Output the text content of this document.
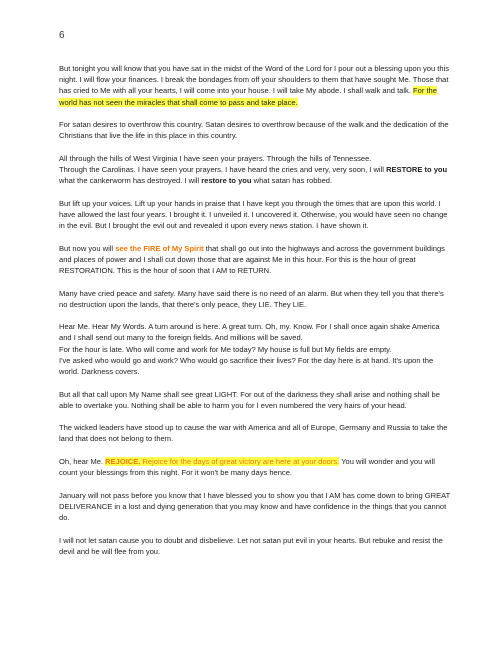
6

But tonight you will know that you have sat in the midst of the Word of the Lord for I pour out a blessing upon you this night. I will flow your finances. I break the bondages from off your shoulders to them that have sought Me. Those that has cried to Me with all your hearts, I will come into your house. I will take My abode. I shall walk and talk. For the world has not seen the miracles that shall come to pass and take place.

For satan desires to overthrow this country. Satan desires to overthrow because of the walk and the dedication of the Christians that live the life in this place in this country.

All through the hills of West Virginia I have seen your prayers. Through the hills of Tennessee.
Through the Carolinas. I have seen your prayers. I have heard the cries and very, very soon, I will RESTORE to you what the cankerworm has destroyed. I will restore to you what satan has robbed.

But lift up your voices. Lift up your hands in praise that I have kept you through the times that are upon this world. I have allowed the last four years. I brought it. I unveiled it. I uncovered it. Otherwise, you would have seen no change in the evil. But I brought the evil out and revealed it upon every news station. I have shown it.

But now you will see the FIRE of My Spirit that shall go out into the highways and across the government buildings and places of power and I shall cut down those that are against Me in this hour. For this is the hour of great RESTORATION. This is the hour of soon that I AM to RETURN.

Many have cried peace and safety. Many have said there is no need of an alarm. But when they tell you that there's no destruction upon the lands, that there's only peace, they LIE. They LIE.

Hear Me. Hear My Words. A turn around is here. A great turn. Oh, my. Know. For I shall once again shake America and I shall send out many to the foreign fields. And millions will be saved.
For the hour is late. Who will come and work for Me today? My house is full but My fields are empty.
I've asked who would go and work? Who would go sacrifice their lives? For the day here is at hand. It's upon the world. Darkness covers.

But all that call upon My Name shall see great LIGHT. For out of the darkness they shall arise and nothing shall be able to overtake you. Nothing shall be able to harm you for I even numbered the very hairs of your head.

The wicked leaders have stood up to cause the war with America and all of Europe, Germany and Russia to take the land that does not belong to them.

Oh, hear Me. REJOICE. Rejoice for the days of great victory are here at your doors. You will wonder and you will count your blessings from this night. For it won't be many days hence.

January will not pass before you know that I have blessed you to show you that I AM has come down to bring GREAT DELIVERANCE in a lost and dying generation that you may know and have confidence in the things that you cannot do.

I will not let satan cause you to doubt and disbelieve. Let not satan put evil in your hearts. But rebuke and resist the devil and he will flee from you.
